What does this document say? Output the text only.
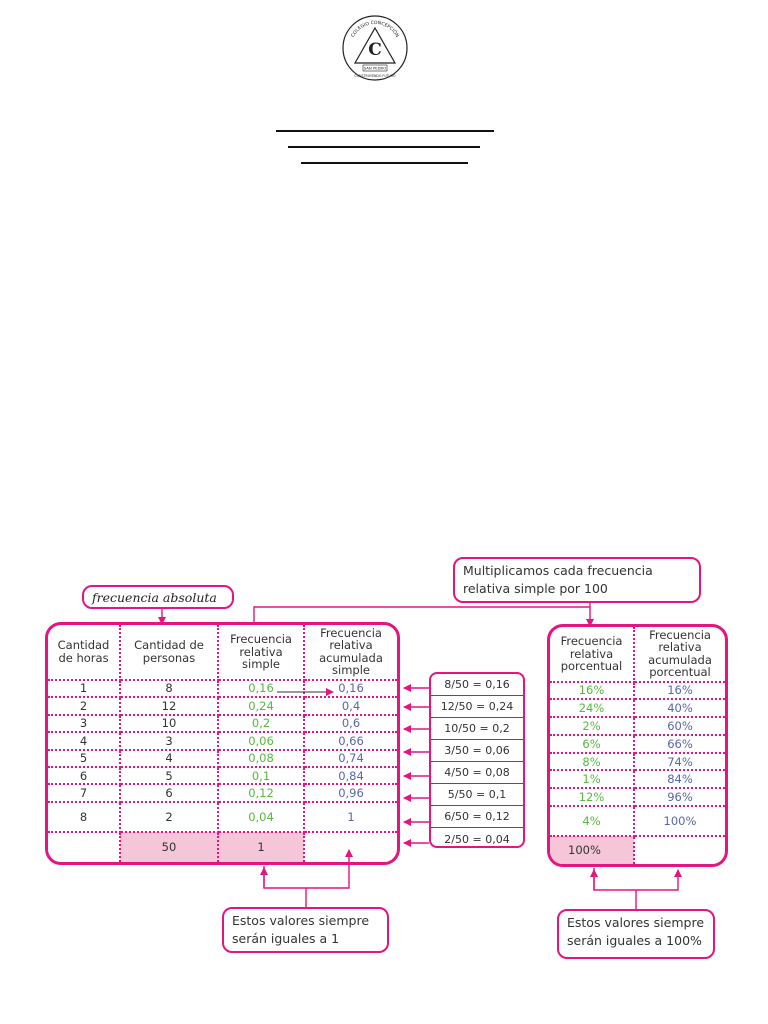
C
COLEGIO CONCEPCIÓN
SAN PEDRO
CONSTRUYENDO FUTURO
frecuencia absoluta
Multiplicamos cada frecuencia relativa simple por 100
Cantidad de horas	Cantidad de personas	Frecuencia relativa simple	Frecuencia relativa acumulada simple
1	8	0,16	0,16
2	12	0,24	0,4
3	10	0,2	0,6
4	3	0,06	0,66
5	4	0,08	0,74
6	5	0,1	0,84
7	6	0,12	0,96
8	2	0,04	1
	50	1	
8/50 = 0,16
12/50 = 0,24
10/50 = 0,2
3/50 = 0,06
4/50 = 0,08
5/50 = 0,1
6/50 = 0,12
2/50 = 0,04
Frecuencia relativa porcentual	Frecuencia relativa acumulada porcentual
16%	16%
24%	40%
2%	60%
6%	66%
8%	74%
1%	84%
12%	96%
4%	100%
100%	
Estos valores siempre serán iguales a 1
Estos valores siempre serán iguales a 100%
